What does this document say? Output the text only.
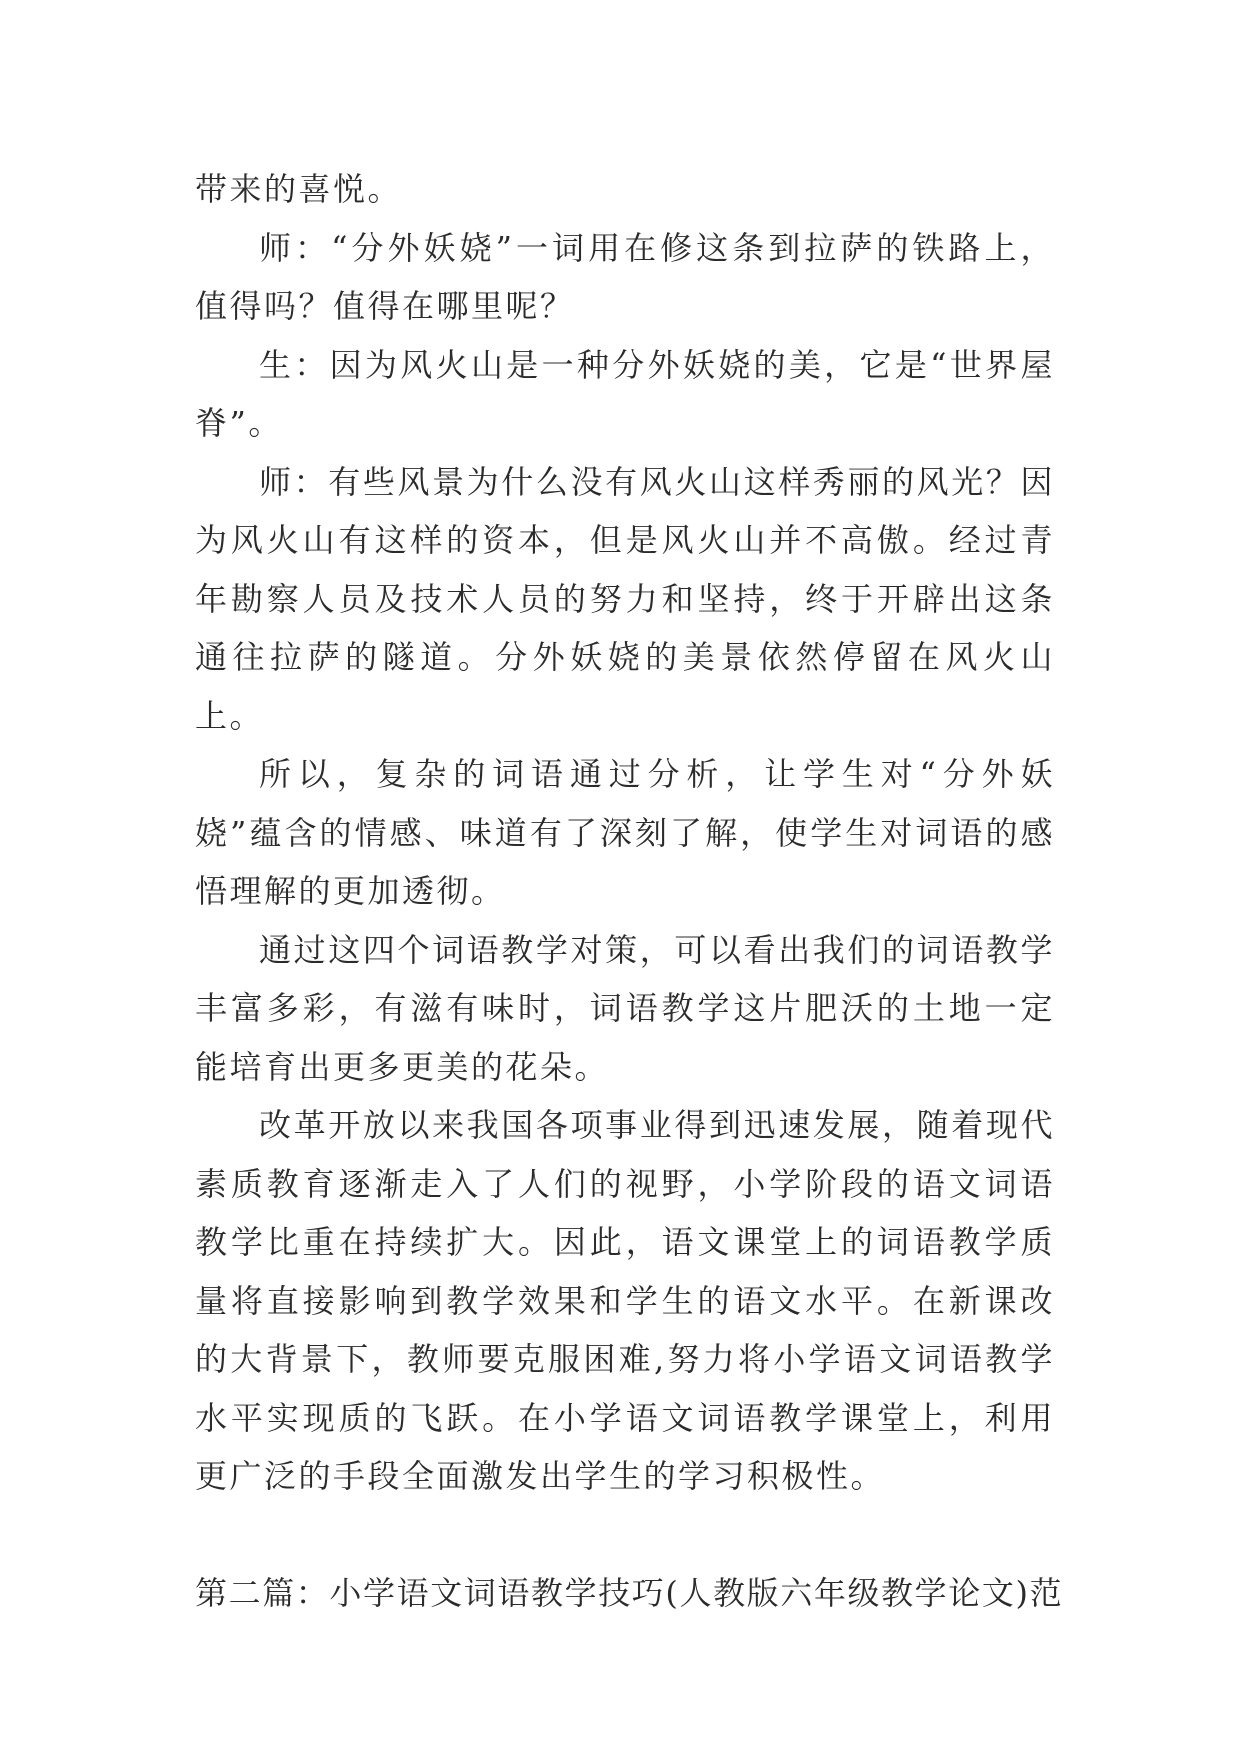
带来的喜悦。

师：“分外妖娆”一词用在修这条到拉萨的铁路上，值得吗？值得在哪里呢？

生：因为风火山是一种分外妖娆的美，它是“世界屋脊”。

师：有些风景为什么没有风火山这样秀丽的风光？因为风火山有这样的资本，但是风火山并不高傲。经过青年勘察人员及技术人员的努力和坚持，终于开辟出这条通往拉萨的隧道。分外妖娆的美景依然停留在风火山上。

所以，复杂的词语通过分析，让学生对“分外妖娆”蕴含的情感、味道有了深刻了解，使学生对词语的感悟理解的更加透彻。

通过这四个词语教学对策，可以看出我们的词语教学丰富多彩，有滋有味时，词语教学这片肥沃的土地一定能培育出更多更美的花朵。

改革开放以来我国各项事业得到迅速发展，随着现代素质教育逐渐走入了人们的视野，小学阶段的语文词语教学比重在持续扩大。因此，语文课堂上的词语教学质量将直接影响到教学效果和学生的语文水平。在新课改的大背景下，教师要克服困难,努力将小学语文词语教学水平实现质的飞跃。在小学语文词语教学课堂上，利用更广泛的手段全面激发出学生的学习积极性。

第二篇：小学语文词语教学技巧(人教版六年级教学论文)范
